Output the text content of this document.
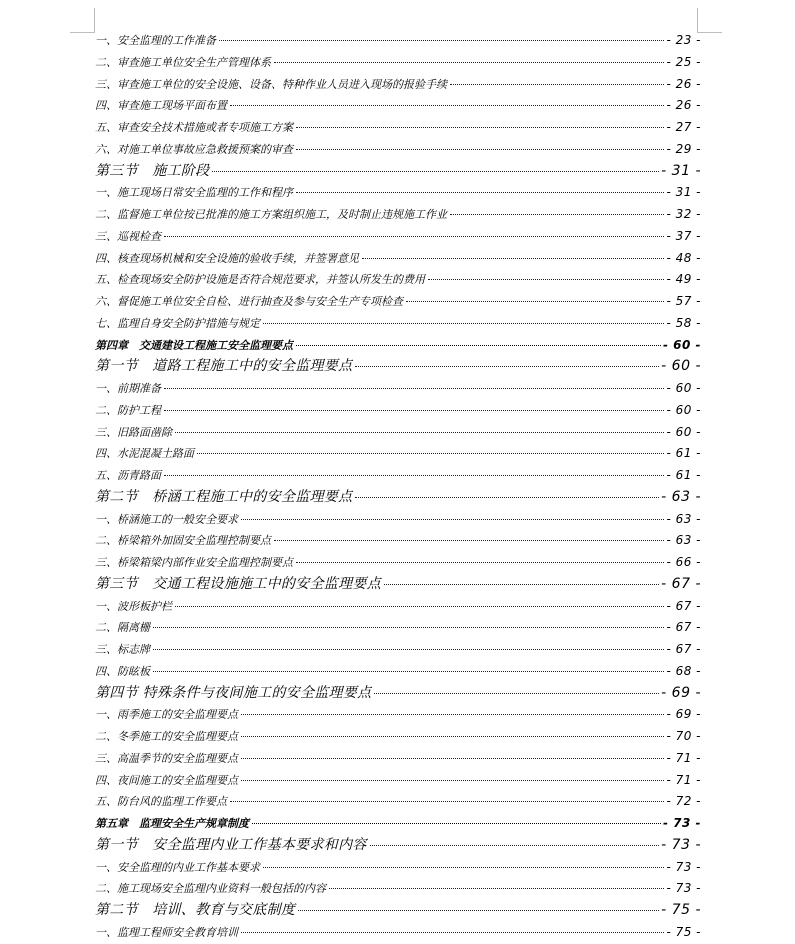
一、安全监理的工作准备	- 23 -
二、审查施工单位安全生产管理体系	- 25 -
三、审查施工单位的安全设施、设备、特种作业人员进入现场的报验手续	- 26 -
四、审查施工现场平面布置	- 26 -
五、审查安全技术措施或者专项施工方案	- 27 -
六、对施工单位事故应急救援预案的审查	- 29 -
第三节　施工阶段	- 31 -
一、施工现场日常安全监理的工作和程序	- 31 -
二、监督施工单位按已批准的施工方案组织施工，及时制止违规施工作业	- 32 -
三、巡视检查	- 37 -
四、核查现场机械和安全设施的验收手续，并签署意见	- 48 -
五、检查现场安全防护设施是否符合规范要求，并签认所发生的费用	- 49 -
六、督促施工单位安全自检、进行抽查及参与安全生产专项检查	- 57 -
七、监理自身安全防护措施与规定	- 58 -
第四章　交通建设工程施工安全监理要点	- 60 -
第一节　道路工程施工中的安全监理要点	- 60 -
一、前期准备	- 60 -
二、防护工程	- 60 -
三、旧路面凿除	- 60 -
四、水泥混凝土路面	- 61 -
五、沥青路面	- 61 -
第二节　桥涵工程施工中的安全监理要点	- 63 -
一、桥涵施工的一般安全要求	- 63 -
二、桥梁箱外加固安全监理控制要点	- 63 -
三、桥梁箱梁内部作业安全监理控制要点	- 66 -
第三节　交通工程设施施工中的安全监理要点	- 67 -
一、波形板护栏	- 67 -
二、隔离栅	- 67 -
三、标志牌	- 67 -
四、防眩板	- 68 -
第四节 特殊条件与夜间施工的安全监理要点	- 69 -
一、雨季施工的安全监理要点	- 69 -
二、冬季施工的安全监理要点	- 70 -
三、高温季节的安全监理要点	- 71 -
四、夜间施工的安全监理要点	- 71 -
五、防台风的监理工作要点	- 72 -
第五章　监理安全生产规章制度	- 73 -
第一节　安全监理内业工作基本要求和内容	- 73 -
一、安全监理的内业工作基本要求	- 73 -
二、施工现场安全监理内业资料一般包括的内容	- 73 -
第二节　培训、教育与交底制度	- 75 -
一、监理工程师安全教育培训	- 75 -
